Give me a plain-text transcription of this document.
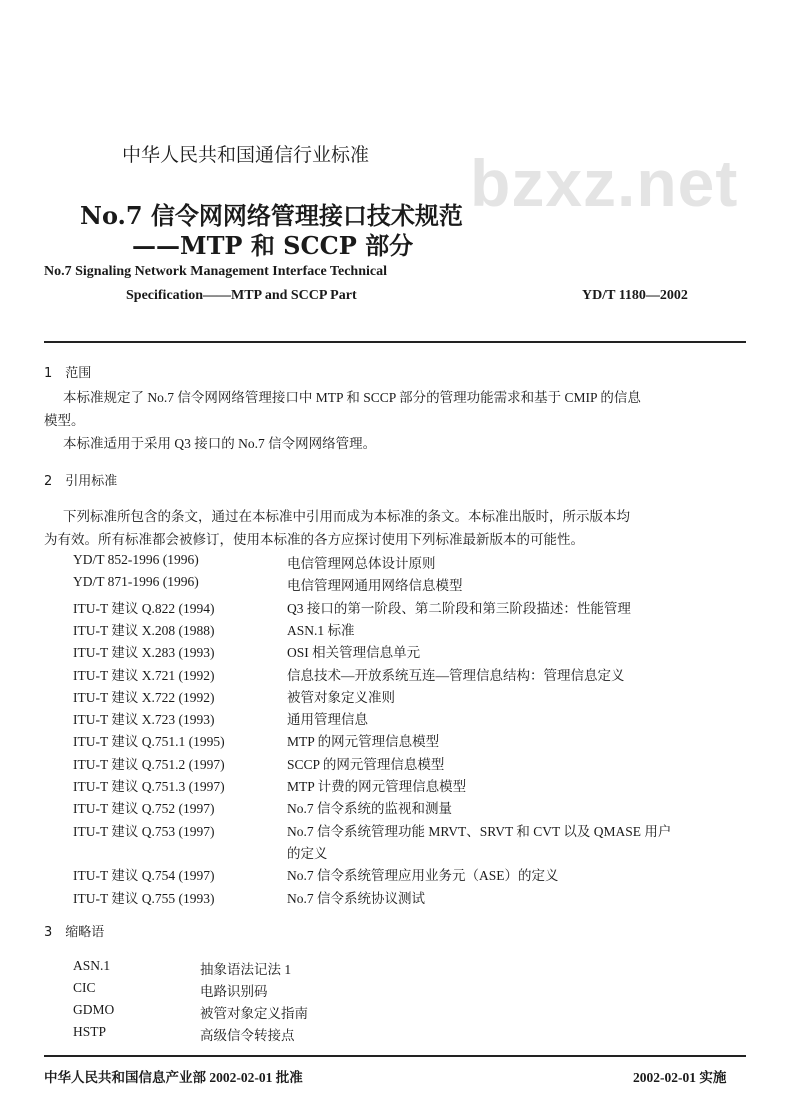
bzxz.net
中华人民共和国通信行业标准
No.7 信令网网络管理接口技术规范
——MTP 和 SCCP 部分
No.7 Signaling Network Management Interface Technical
Specification——MTP and SCCP Part	YD/T 1180—2002
1　范围
本标准规定了 No.7 信令网网络管理接口中 MTP 和 SCCP 部分的管理功能需求和基于 CMIP 的信息
模型。
本标准适用于采用 Q3 接口的 No.7 信令网网络管理。
2　引用标准
下列标准所包含的条文，通过在本标准中引用而成为本标准的条文。本标准出版时，所示版本均
为有效。所有标准都会被修订，使用本标准的各方应探讨使用下列标准最新版本的可能性。
YD/T 852-1996 (1996)	电信管理网总体设计原则
YD/T 871-1996 (1996)	电信管理网通用网络信息模型
ITU-T 建议 Q.822 (1994)	Q3 接口的第一阶段、第二阶段和第三阶段描述：性能管理
ITU-T 建议 X.208 (1988)	ASN.1 标准
ITU-T 建议 X.283 (1993)	OSI 相关管理信息单元
ITU-T 建议 X.721 (1992)	信息技术—开放系统互连—管理信息结构：管理信息定义
ITU-T 建议 X.722 (1992)	被管对象定义准则
ITU-T 建议 X.723 (1993)	通用管理信息
ITU-T 建议 Q.751.1 (1995)	MTP 的网元管理信息模型
ITU-T 建议 Q.751.2 (1997)	SCCP 的网元管理信息模型
ITU-T 建议 Q.751.3 (1997)	MTP 计费的网元管理信息模型
ITU-T 建议 Q.752 (1997)	No.7 信令系统的监视和测量
ITU-T 建议 Q.753 (1997)	No.7 信令系统管理功能 MRVT、SRVT 和 CVT 以及 QMASE 用户
的定义
ITU-T 建议 Q.754 (1997)	No.7 信令系统管理应用业务元（ASE）的定义
ITU-T 建议 Q.755 (1993)	No.7 信令系统协议测试
3　缩略语
ASN.1	抽象语法记法 1
CIC	电路识别码
GDMO	被管对象定义指南
HSTP	高级信令转接点
中华人民共和国信息产业部 2002-02-01 批准	2002-02-01 实施
